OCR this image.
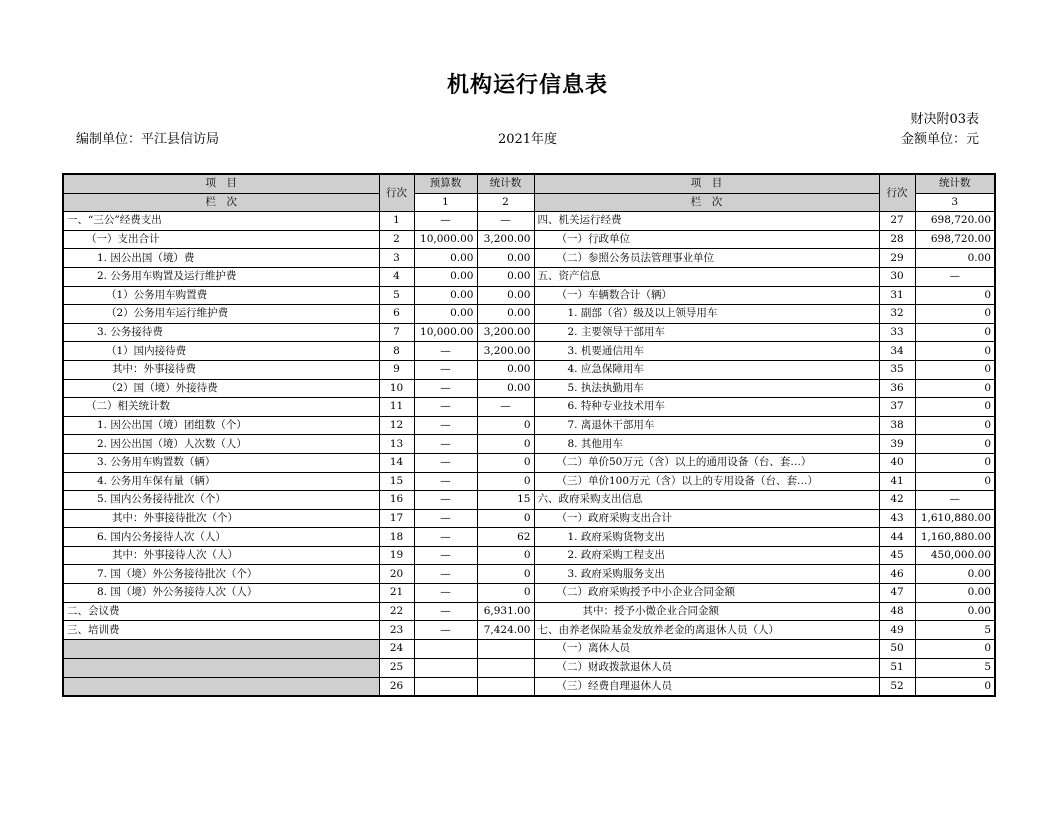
机构运行信息表
财决附03表
编制单位：平江县信访局	2021年度	金额单位：元
项　目	行次	预算数	统计数	项　目	行次	统计数
栏　次		1	2	栏　次		3
一、“三公”经费支出	1	—	—	四、机关运行经费	27	698,720.00
（一）支出合计	2	10,000.00	3,200.00	（一）行政单位	28	698,720.00
1. 因公出国（境）费	3	0.00	0.00	（二）参照公务员法管理事业单位	29	0.00
2. 公务用车购置及运行维护费	4	0.00	0.00	五、资产信息	30	—
（1）公务用车购置费	5	0.00	0.00	（一）车辆数合计（辆）	31	0
（2）公务用车运行维护费	6	0.00	0.00	1. 副部（省）级及以上领导用车	32	0
3. 公务接待费	7	10,000.00	3,200.00	2. 主要领导干部用车	33	0
（1）国内接待费	8	—	3,200.00	3. 机要通信用车	34	0
其中：外事接待费	9	—	0.00	4. 应急保障用车	35	0
（2）国（境）外接待费	10	—	0.00	5. 执法执勤用车	36	0
（二）相关统计数	11	—	—	6. 特种专业技术用车	37	0
1. 因公出国（境）团组数（个）	12	—	0	7. 离退休干部用车	38	0
2. 因公出国（境）人次数（人）	13	—	0	8. 其他用车	39	0
3. 公务用车购置数（辆）	14	—	0	（二）单价50万元（含）以上的通用设备（台、套…）	40	0
4. 公务用车保有量（辆）	15	—	0	（三）单价100万元（含）以上的专用设备（台、套…）	41	0
5. 国内公务接待批次（个）	16	—	15	六、政府采购支出信息	42	—
其中：外事接待批次（个）	17	—	0	（一）政府采购支出合计	43	1,610,880.00
6. 国内公务接待人次（人）	18	—	62	1. 政府采购货物支出	44	1,160,880.00
其中：外事接待人次（人）	19	—	0	2. 政府采购工程支出	45	450,000.00
7. 国（境）外公务接待批次（个）	20	—	0	3. 政府采购服务支出	46	0.00
8. 国（境）外公务接待人次（人）	21	—	0	（二）政府采购授予中小企业合同金额	47	0.00
二、会议费	22	—	6,931.00	其中：授予小微企业合同金额	48	0.00
三、培训费	23	—	7,424.00	七、由养老保险基金发放养老金的离退休人员（人）	49	5
	24			（一）离休人员	50	0
	25			（二）财政拨款退休人员	51	5
	26			（三）经费自理退休人员	52	0
